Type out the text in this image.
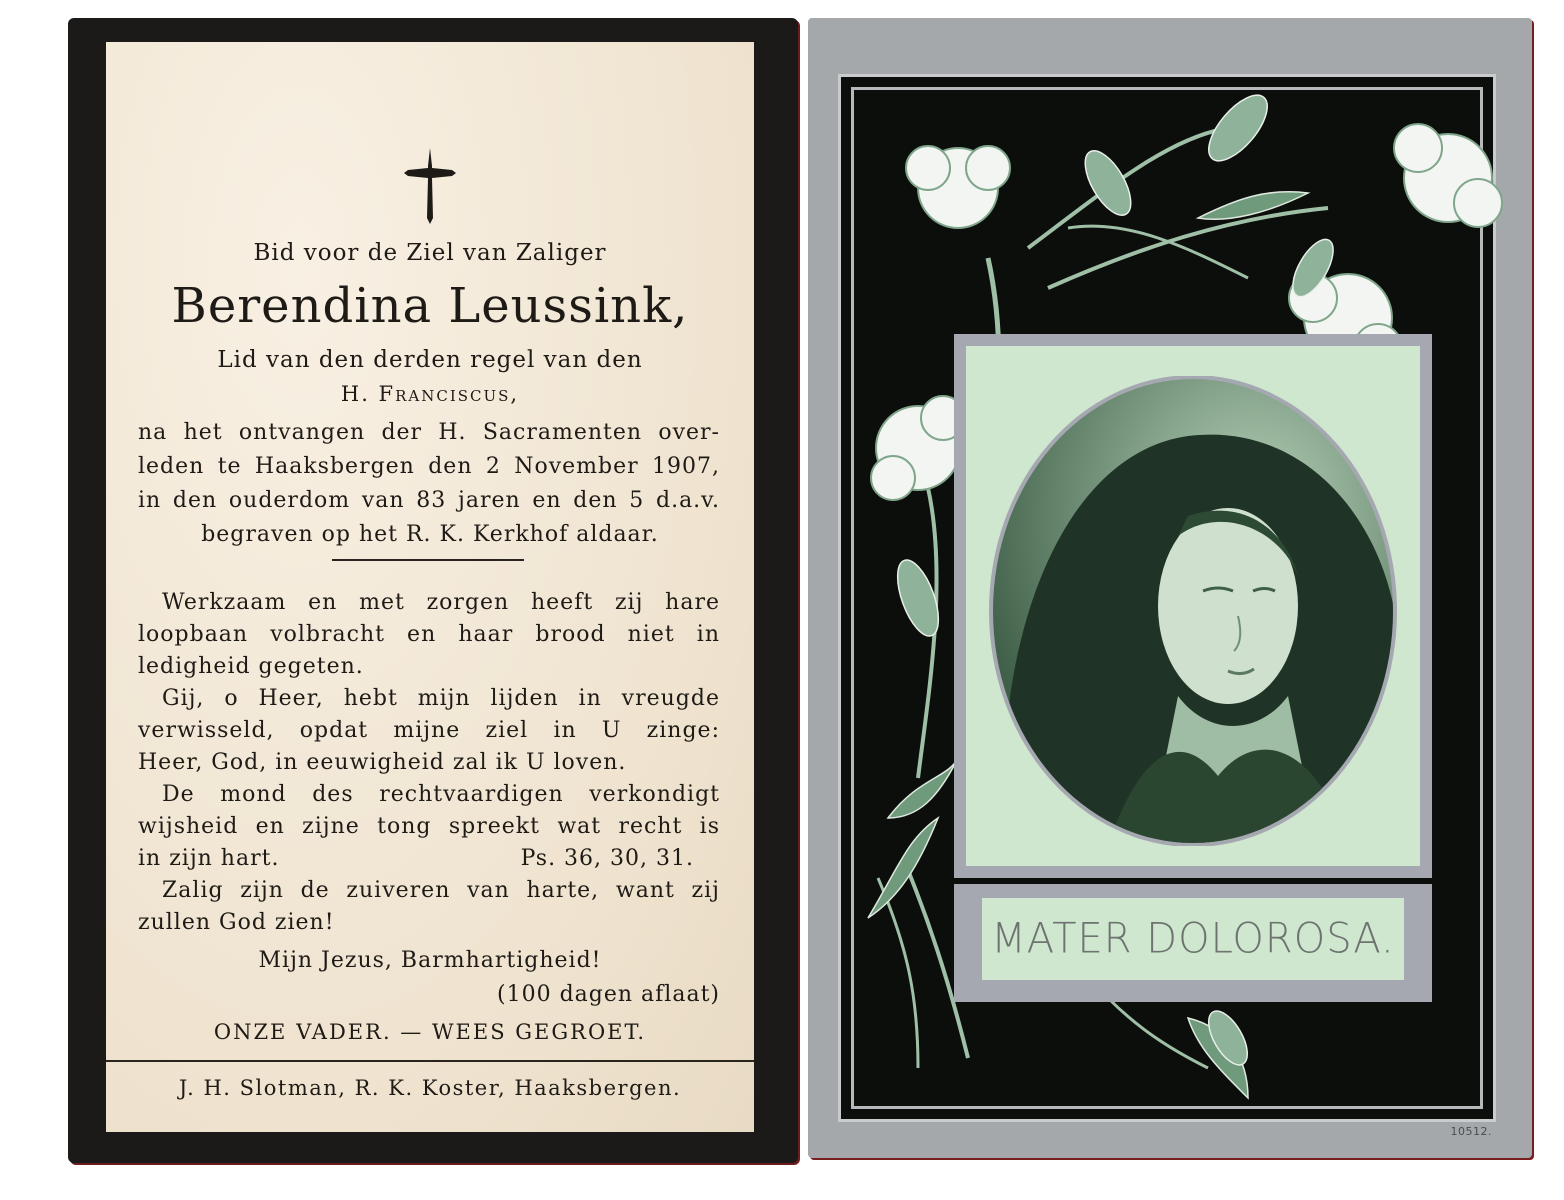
Bid voor de Ziel van Zaliger
Berendina Leussink,
Lid van den derden regel van den
H. Franciscus,
na het ontvangen der H. Sacramenten over-
leden te Haaksbergen den 2 November 1907,
in den ouderdom van 83 jaren en den 5 d.a.v.
begraven op het R. K. Kerkhof aldaar.
Werkzaam en met zorgen heeft zij hare
loopbaan volbracht en haar brood niet in
ledigheid gegeten.
Gij, o Heer, hebt mijn lijden in vreugde
verwisseld, opdat mijne ziel in U zinge:
Heer, God, in eeuwigheid zal ik U loven.
De mond des rechtvaardigen verkondigt
wijsheid en zijne tong spreekt wat recht is
in zijn hart.	Ps. 36, 30, 31.
Zalig zijn de zuiveren van harte, want zij
zullen God zien!
Mijn Jezus, Barmhartigheid!
(100 dagen aflaat)
ONZE VADER. — WEES GEGROET.
J. H. Slotman, R. K. Koster, Haaksbergen.
MATER DOLOROSA.
10512.
